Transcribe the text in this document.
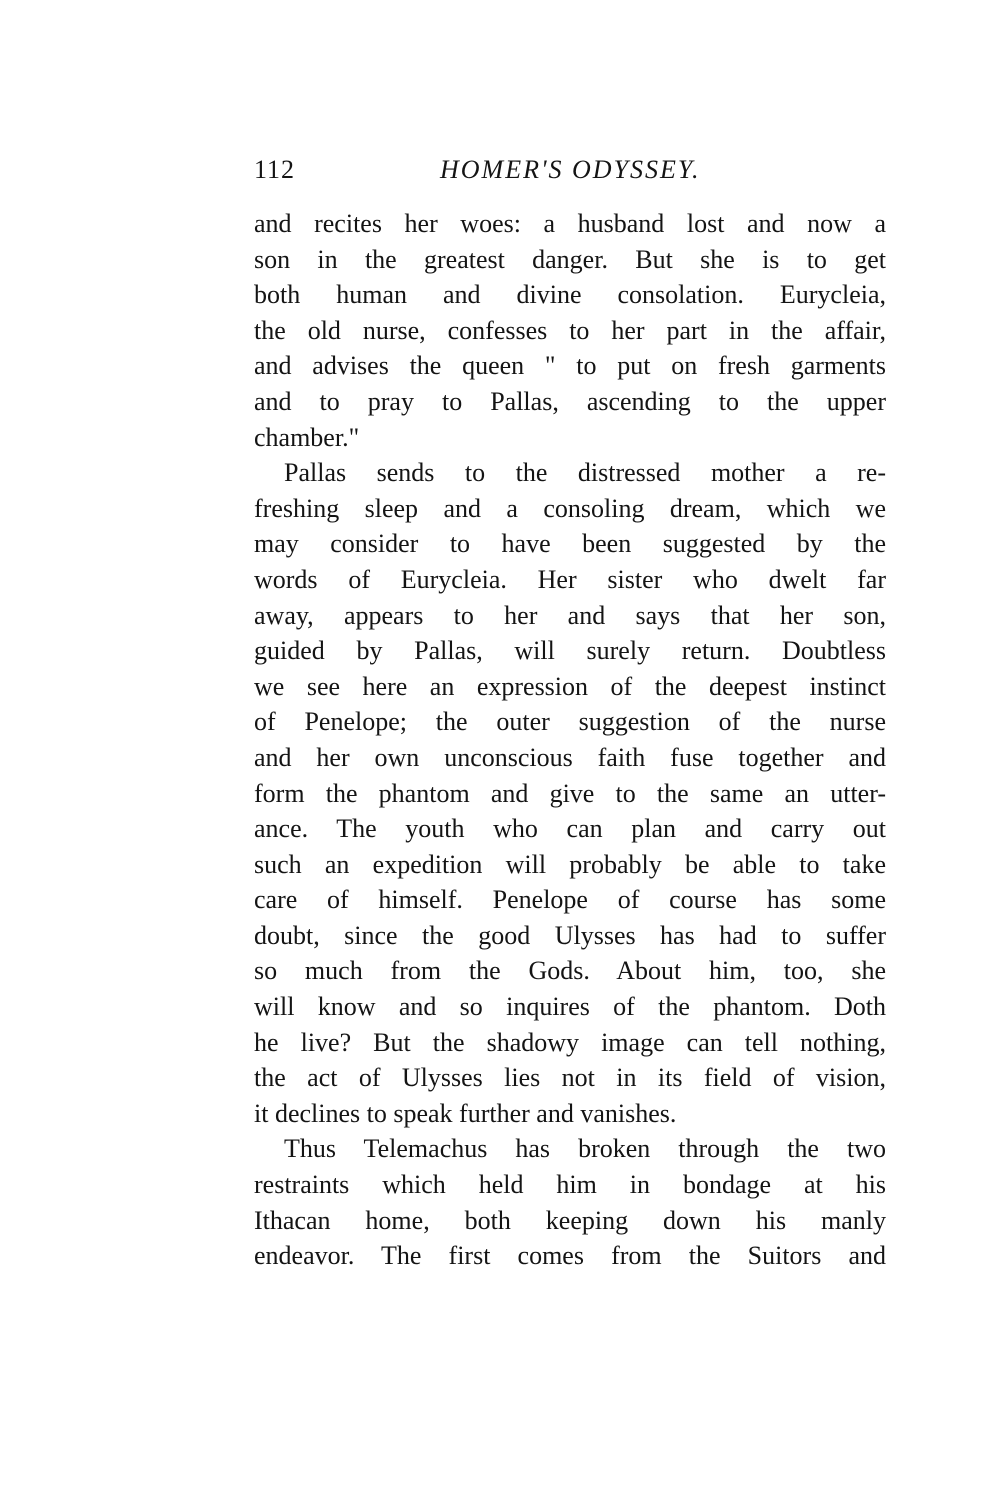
112	HOMER'S ODYSSEY.
and recites her woes: a husband lost and now a
son in the greatest danger. But she is to get
both human and divine consolation. Eurycleia,
the old nurse, confesses to her part in the affair,
and advises the queen " to put on fresh garments
and to pray to Pallas, ascending to the upper
chamber."
Pallas sends to the distressed mother a re-
freshing sleep and a consoling dream, which we
may consider to have been suggested by the
words of Eurycleia. Her sister who dwelt far
away, appears to her and says that her son,
guided by Pallas, will surely return. Doubtless
we see here an expression of the deepest instinct
of Penelope; the outer suggestion of the nurse
and her own unconscious faith fuse together and
form the phantom and give to the same an utter-
ance. The youth who can plan and carry out
such an expedition will probably be able to take
care of himself. Penelope of course has some
doubt, since the good Ulysses has had to suffer
so much from the Gods. About him, too, she
will know and so inquires of the phantom. Doth
he live? But the shadowy image can tell nothing,
the act of Ulysses lies not in its field of vision,
it declines to speak further and vanishes.
Thus Telemachus has broken through the two
restraints which held him in bondage at his
Ithacan home, both keeping down his manly
endeavor. The first comes from the Suitors and
